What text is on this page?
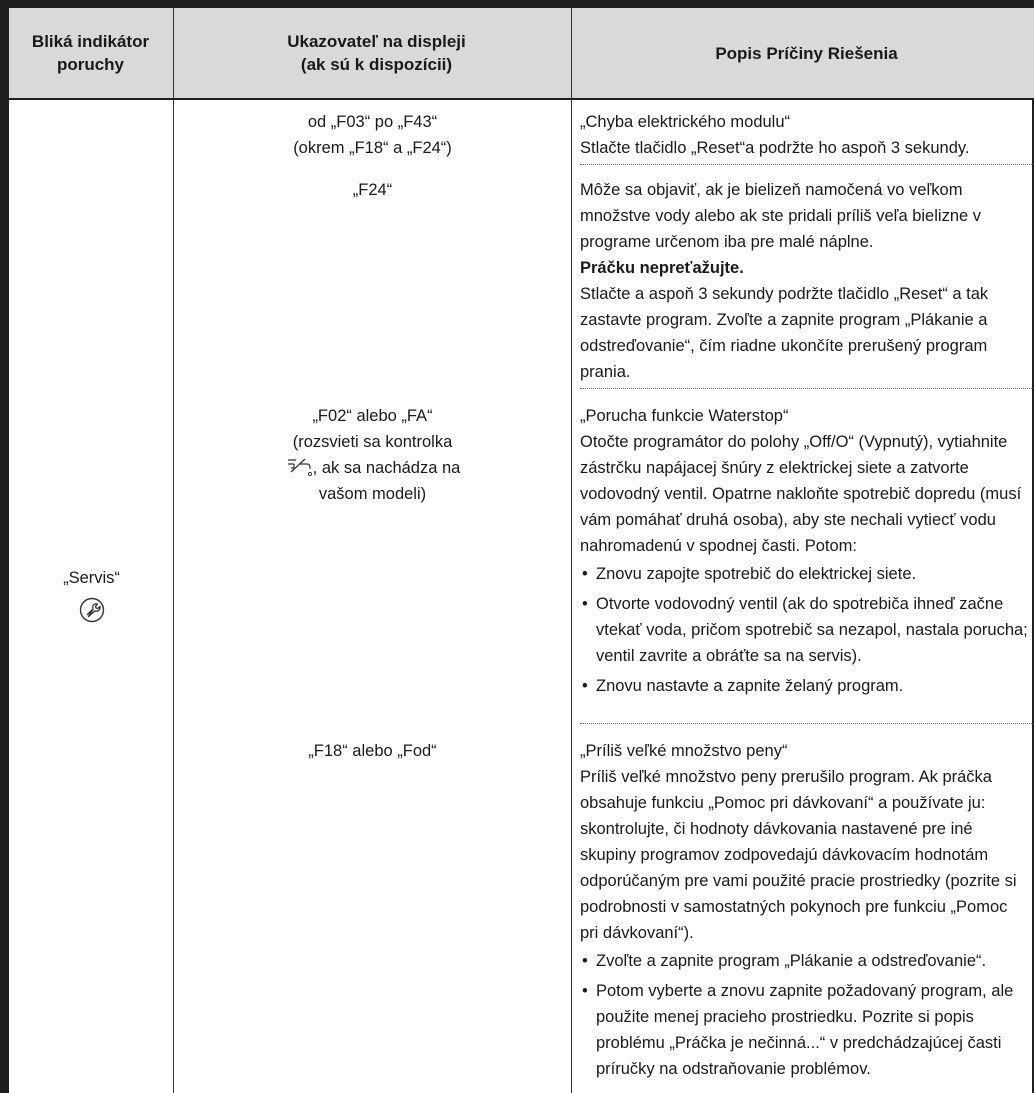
Bliká indikátor
poruchy
Ukazovateľ na displeji
(ak sú k dispozícii)
Popis Príčiny Riešenia
„Servis“
od „F03“ po „F43“
(okrem „F18“ a „F24“)

„Chyba elektrického modulu“

Stlačte tlačidlo „Reset“a podržte ho aspoň 3 sekundy.

„F24“	Môže sa objaviť, ak je bielizeň namočená vo veľkom množstve vody alebo ak ste pridali príliš veľa bielizne v programe určenom iba pre malé náplne.

Práčku nepreťažujte.

Stlačte a aspoň 3 sekundy podržte tlačidlo „Reset“ a tak zastavte program. Zvoľte a zapnite program „Plákanie a odstreďovanie“, čím riadne ukončíte prerušený program prania.

„F02“ alebo „FA“
(rozsvieti sa kontrolka
, ak sa nachádza na
vašom modeli)

„Porucha funkcie Waterstop“

Otočte programátor do polohy „Off/O“ (Vypnutý), vytiahnite zástrčku napájacej šnúry z elektrickej siete a zatvorte vodovodný ventil. Opatrne nakloňte spotrebič dopredu (musí vám pomáhať druhá osoba), aby ste nechali vytiecť vodu nahromadenú v spodnej časti. Potom:

• Znovu zapojte spotrebič do elektrickej siete.
• Otvorte vodovodný ventil (ak do spotrebiča ihneď začne vtekať voda, pričom spotrebič sa nezapol, nastala porucha; ventil zavrite a obráťte sa na servis).
• Znovu nastavte a zapnite želaný program.
„F18“ alebo „Fod“	„Príliš veľké množstvo peny“

Príliš veľké množstvo peny prerušilo program. Ak práčka obsahuje funkciu „Pomoc pri dávkovaní“ a používate ju: skontrolujte, či hodnoty dávkovania nastavené pre iné skupiny programov zodpovedajú dávkovacím hodnotám odporúčaným pre vami použité pracie prostriedky (pozrite si podrobnosti v samostatných pokynoch pre funkciu „Pomoc pri dávkovaní“).

• Zvoľte a zapnite program „Plákanie a odstreďovanie“.
• Potom vyberte a znovu zapnite požadovaný program, ale použite menej pracieho prostriedku. Pozrite si popis problému „Práčka je nečinná...“ v predchádzajúcej časti príručky na odstraňovanie problémov.
